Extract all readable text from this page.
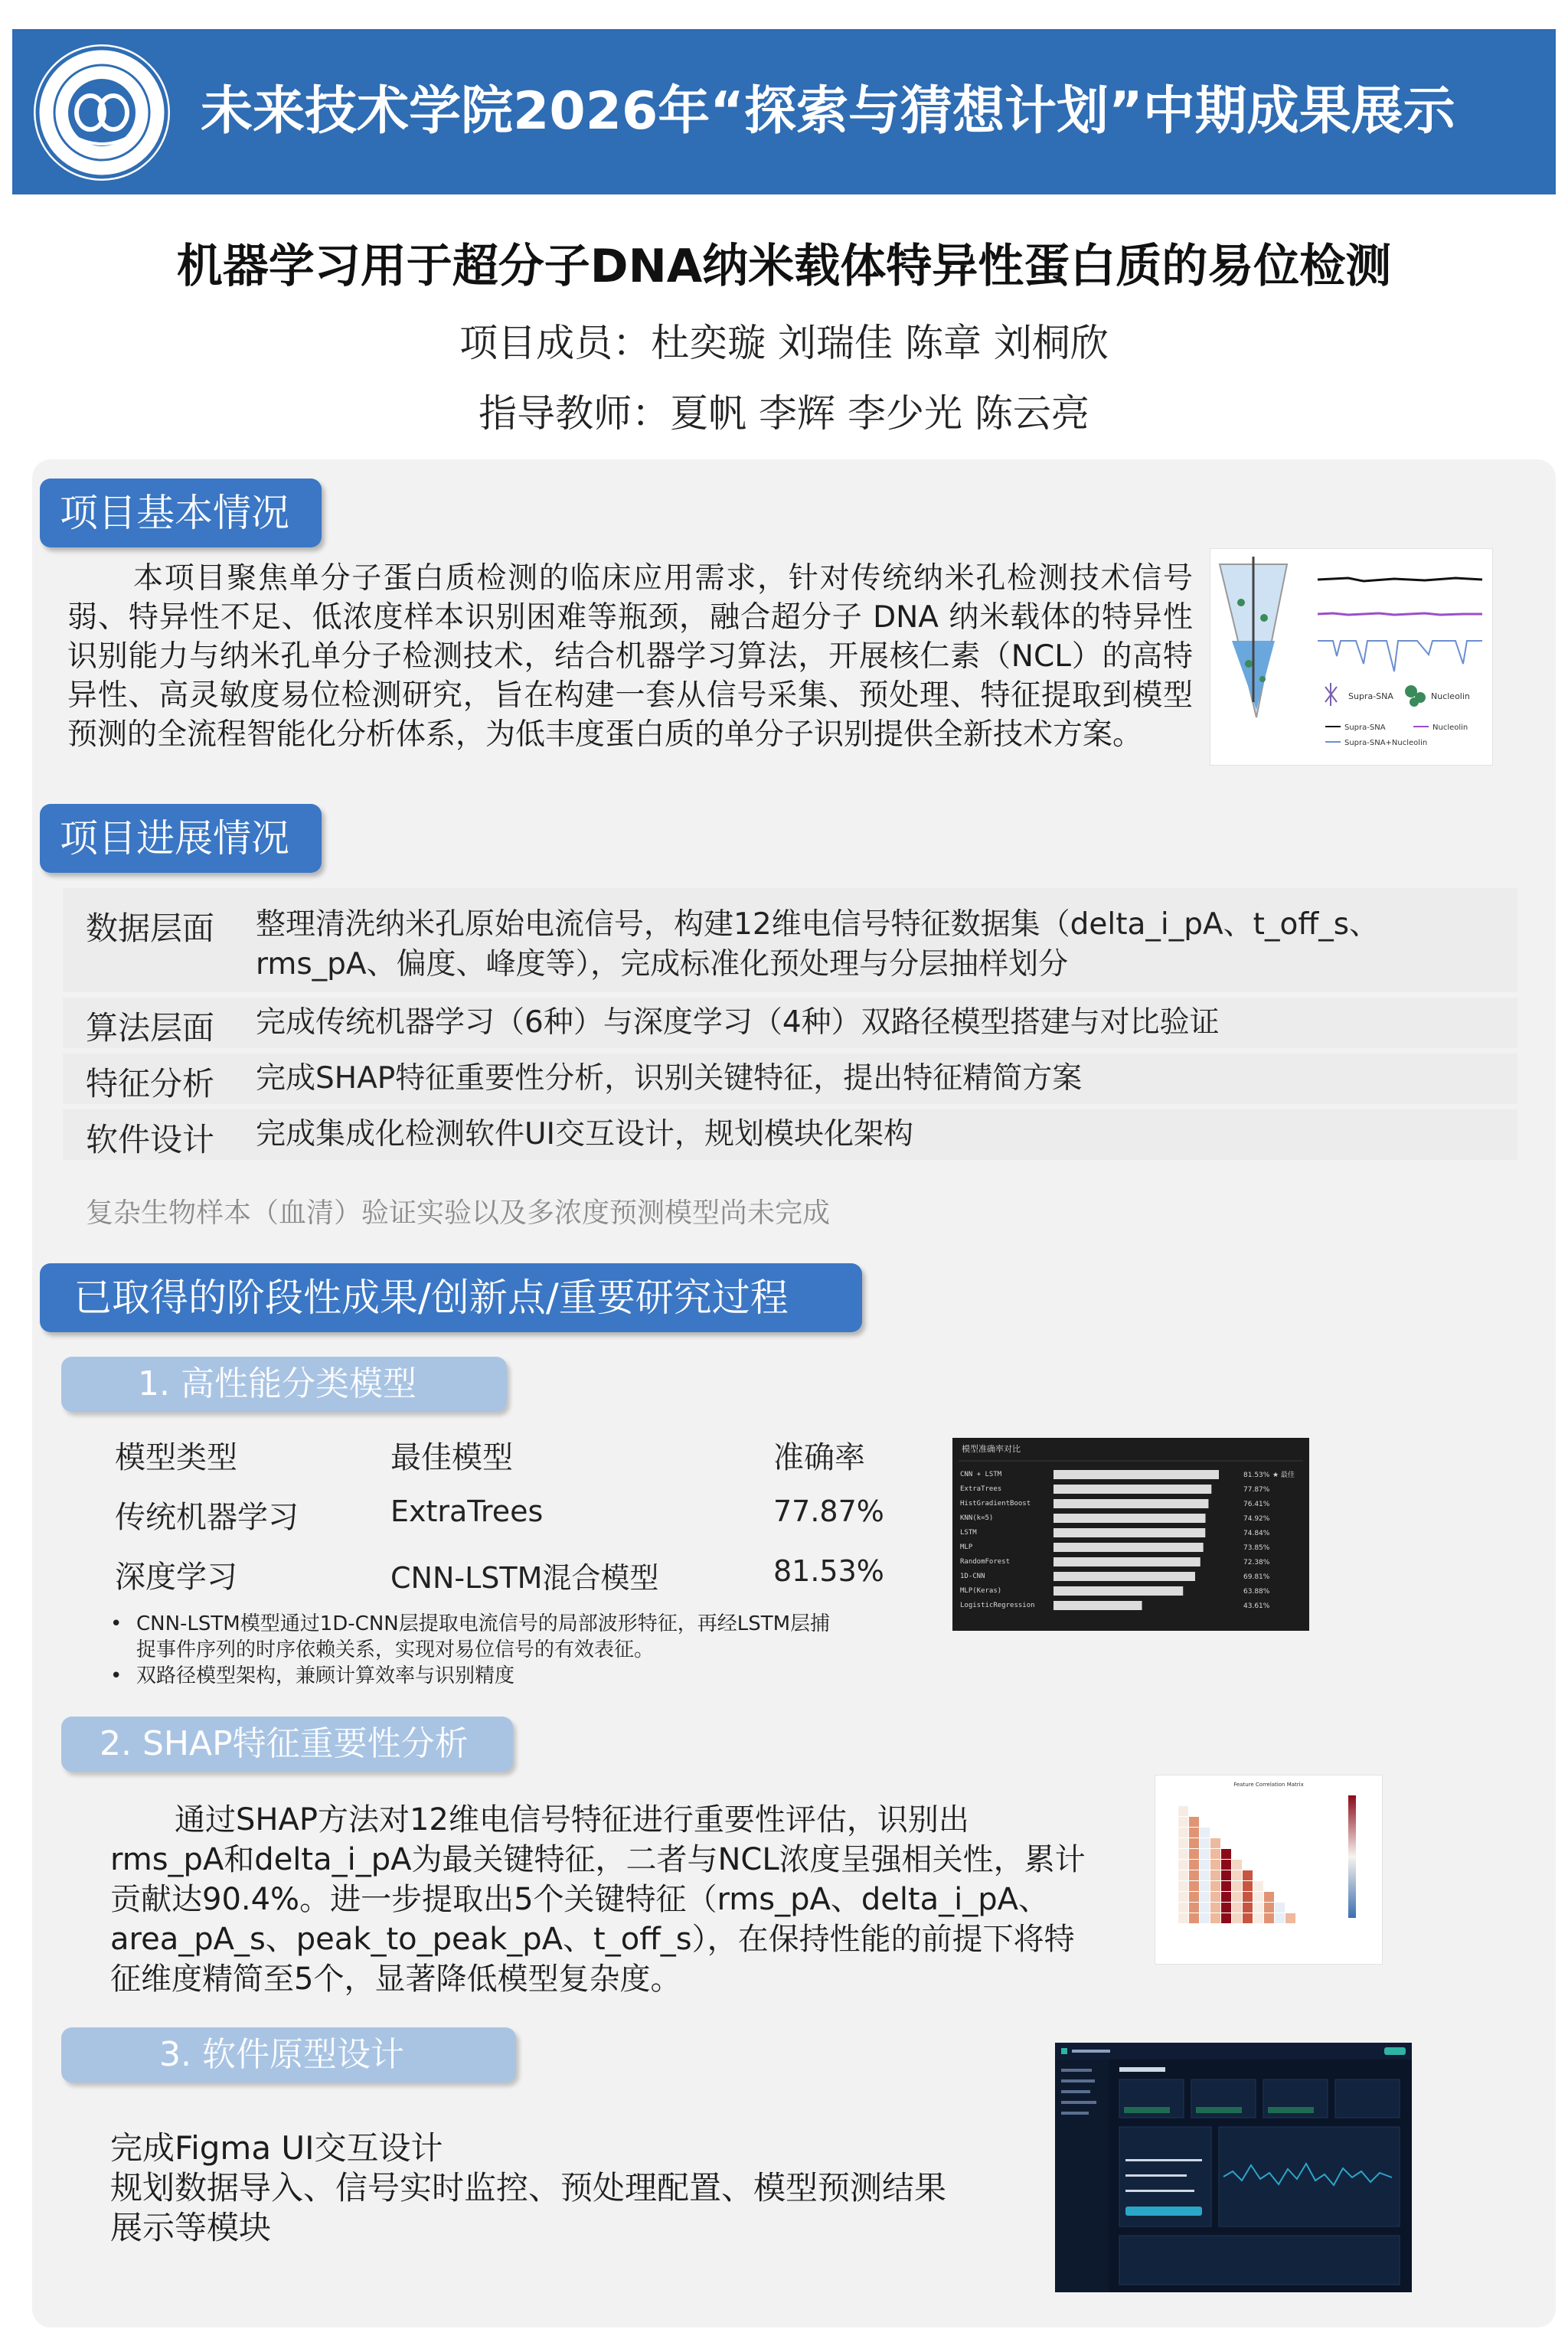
未来技术学院2026年“探索与猜想计划”中期成果展示
机器学习用于超分子DNA纳米载体特异性蛋白质的易位检测
项目成员：杜奕璇 刘瑞佳 陈章 刘桐欣
指导教师：夏帆 李辉 李少光 陈云亮
项目基本情况
本项目聚焦单分子蛋白质检测的临床应用需求，针对传统纳米孔检测技术信号弱、特异性不足、低浓度样本识别困难等瓶颈，融合超分子 DNA 纳米载体的特异性识别能力与纳米孔单分子检测技术，结合机器学习算法，开展核仁素（NCL）的高特异性、高灵敏度易位检测研究，旨在构建一套从信号采集、预处理、特征提取到模型预测的全流程智能化分析体系，为低丰度蛋白质的单分子识别提供全新技术方案。
Supra-SNA	Nucleolin
Supra-SNA	Nucleolin
Supra-SNA+Nucleolin
项目进展情况
数据层面 整理清洗纳米孔原始电流信号，构建12维电信号特征数据集（delta_i_pA、t_off_s、
rms_pA、偏度、峰度等），完成标准化预处理与分层抽样划分
算法层面 完成传统机器学习（6种）与深度学习（4种）双路径模型搭建与对比验证
特征分析 完成SHAP特征重要性分析，识别关键特征，提出特征精简方案
软件设计 完成集成化检测软件UI交互设计，规划模块化架构
复杂生物样本（血清）验证实验以及多浓度预测模型尚未完成
已取得的阶段性成果/创新点/重要研究过程
1. 高性能分类模型
模型类型	最佳模型	准确率
传统机器学习	ExtraTrees	77.87%
深度学习	CNN-LSTM混合模型	81.53%
• CNN-LSTM模型通过1D-CNN层提取电流信号的局部波形特征，再经LSTM层捕
捉事件序列的时序依赖关系，实现对易位信号的有效表征。
• 双路径模型架构，兼顾计算效率与识别精度
模型准确率对比
CNN + LSTM	81.53% ★ 最佳
ExtraTrees	77.87%
HistGradientBoost	76.41%
KNN(k=5)	74.92%
LSTM	74.84%
MLP	73.85%
RandomForest	72.38%
1D-CNN	69.81%
MLP(Keras)	63.88%
LogisticRegression	43.61%
2. SHAP特征重要性分析
通过SHAP方法对12维电信号特征进行重要性评估，识别出
rms_pA和delta_i_pA为最关键特征，二者与NCL浓度呈强相关性，累计
贡献达90.4%。进一步提取出5个关键特征（rms_pA、delta_i_pA、
area_pA_s、peak_to_peak_pA、t_off_s），在保持性能的前提下将特
征维度精简至5个，显著降低模型复杂度。
Feature Correlation Matrix
3. 软件原型设计
完成Figma UI交互设计
规划数据导入、信号实时监控、预处理配置、模型预测结果
展示等模块
